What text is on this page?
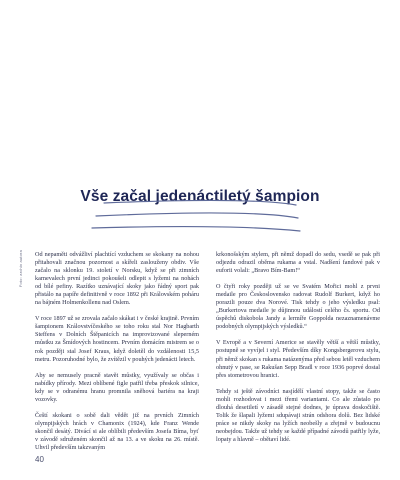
Vše začal jedenáctiletý šampion
Foto: archiv autora Od nepaměti odvážliví plachtící vzduchem se skokany na nohou přitahovali značnou pozornost a skířeli zaslouženy obdiv. Vše začalo na sklonku 19. století v Norsku, když se při zimních karnevalech první jedinci pokoušeli odlepit s lyžemi na nohách od bílé pefiny. Razítko uznávající skoky jako řádný sport pak přistálo na papíře definitivně v roce 1892 při Královském poháru na bájném Holmenkollenu nad Oslem.

V roce 1897 už se zrovala začalo skákat i v české krajině. Prvním šampionem Královstvíčeského se toho roku stal Nor Hagbarth Steffens v Dolních Štěpanicích na improvizované sleperném můstku za Šmídových hostincem. Prvním domácím mistrem se o rok později stal Josef Kraus, když doletěl do vzdálenosti 15,5 metru. Pozoruhodné bylo, že zvítězil v pouhých jedenácti letech.

Aby se nemusely pracně stavět můstky, využívaly se občas i nabídky přírody. Mezi oblíbené figle patřil třeba přeskok silnice, kdy se v odranému hranu promnila sněhová bariéra na kraji vozovky.

Čeští skokani o sobě dali vědět již na prvních Zimních olympijských hrách v Chamonix (1924), kde Franz Wende skončil desátý. Divácí si ale oblíbili především Josefa Bíma, byť v závodě sdruženém skončil až na 13. a ve skoku na 26. místě. Uhvil především takzvaným

krkonošským stylem, při němž dopadl do sedu, vsedě se pak při odjezdu odrazil oběma rukama a vstal. Nadšení fandové pak v euforii volali: „Bravo Bím-Bam!“

O čtyři roky později už se ve Svatém Mořici mohl z prvni medaile pro Československo radovat Rudolf Burkert, když ho porazili pouze dva Norové. Tisk tehdy o jeho výsledku psal: „Burkertova medaile je důjinnou událostí celého čs. sportu. Od úspěchů diskobola Jandy a lermíře Goppolda nezaznamenávme podobných olympijských výsledků.“

V Evropě a v Severní Americe se stavěly větší a větší můstky, postupně se vyvíjel i styl. Především díky Kongsbergerovu stylu, při němž skokan s rukama natázenýma před sebou letěl vzduchem ohnutý v pase, se Rakušan Sepp Bradl v roce 1936 poprvé dostal přes stometrovou hranici.

Tehdy si ještě závodníci nasjídělí vlastní stopy, takže se často mohli rozhodovat i mezi třemi variantami. Co ale zůstalo po dlouhá desetiletí v zásadě stejné dodnes, je úprava doskočiště. Tolik že šlapali lyžemi sdupávaji strán odshora dolů. Bez lidské práce se nikdy skoky na lyžích neobešly a zřejmě v budoucnu neobejdou. Takže už tehdy se každé případné závodů patřily lyže, lopaty a hlavně – obětaví lidé.

40
